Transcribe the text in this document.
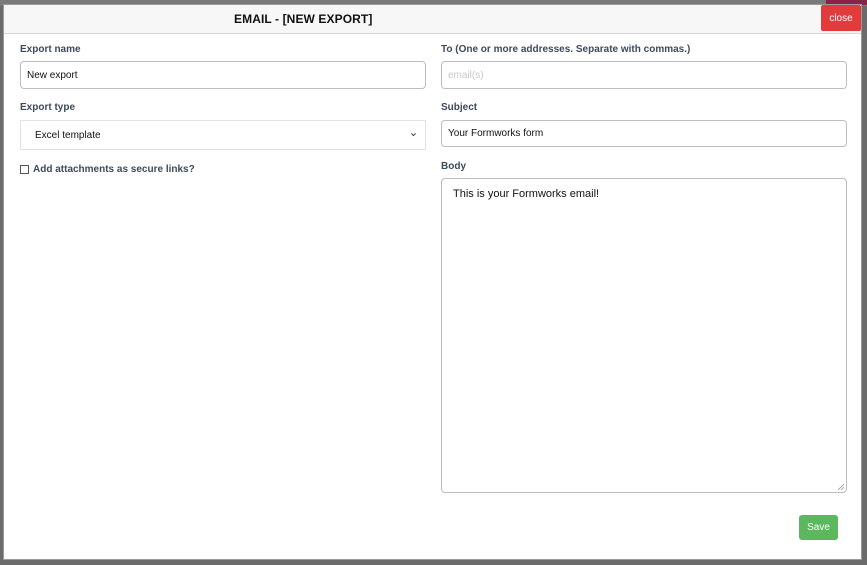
EMAIL - [NEW EXPORT]	close
Export name
New export
Export type
Excel template
Add attachments as secure links?
To (One or more addresses. Separate with commas.)
email(s)
Subject
Your Formworks form
Body
This is your Formworks email!
Save
